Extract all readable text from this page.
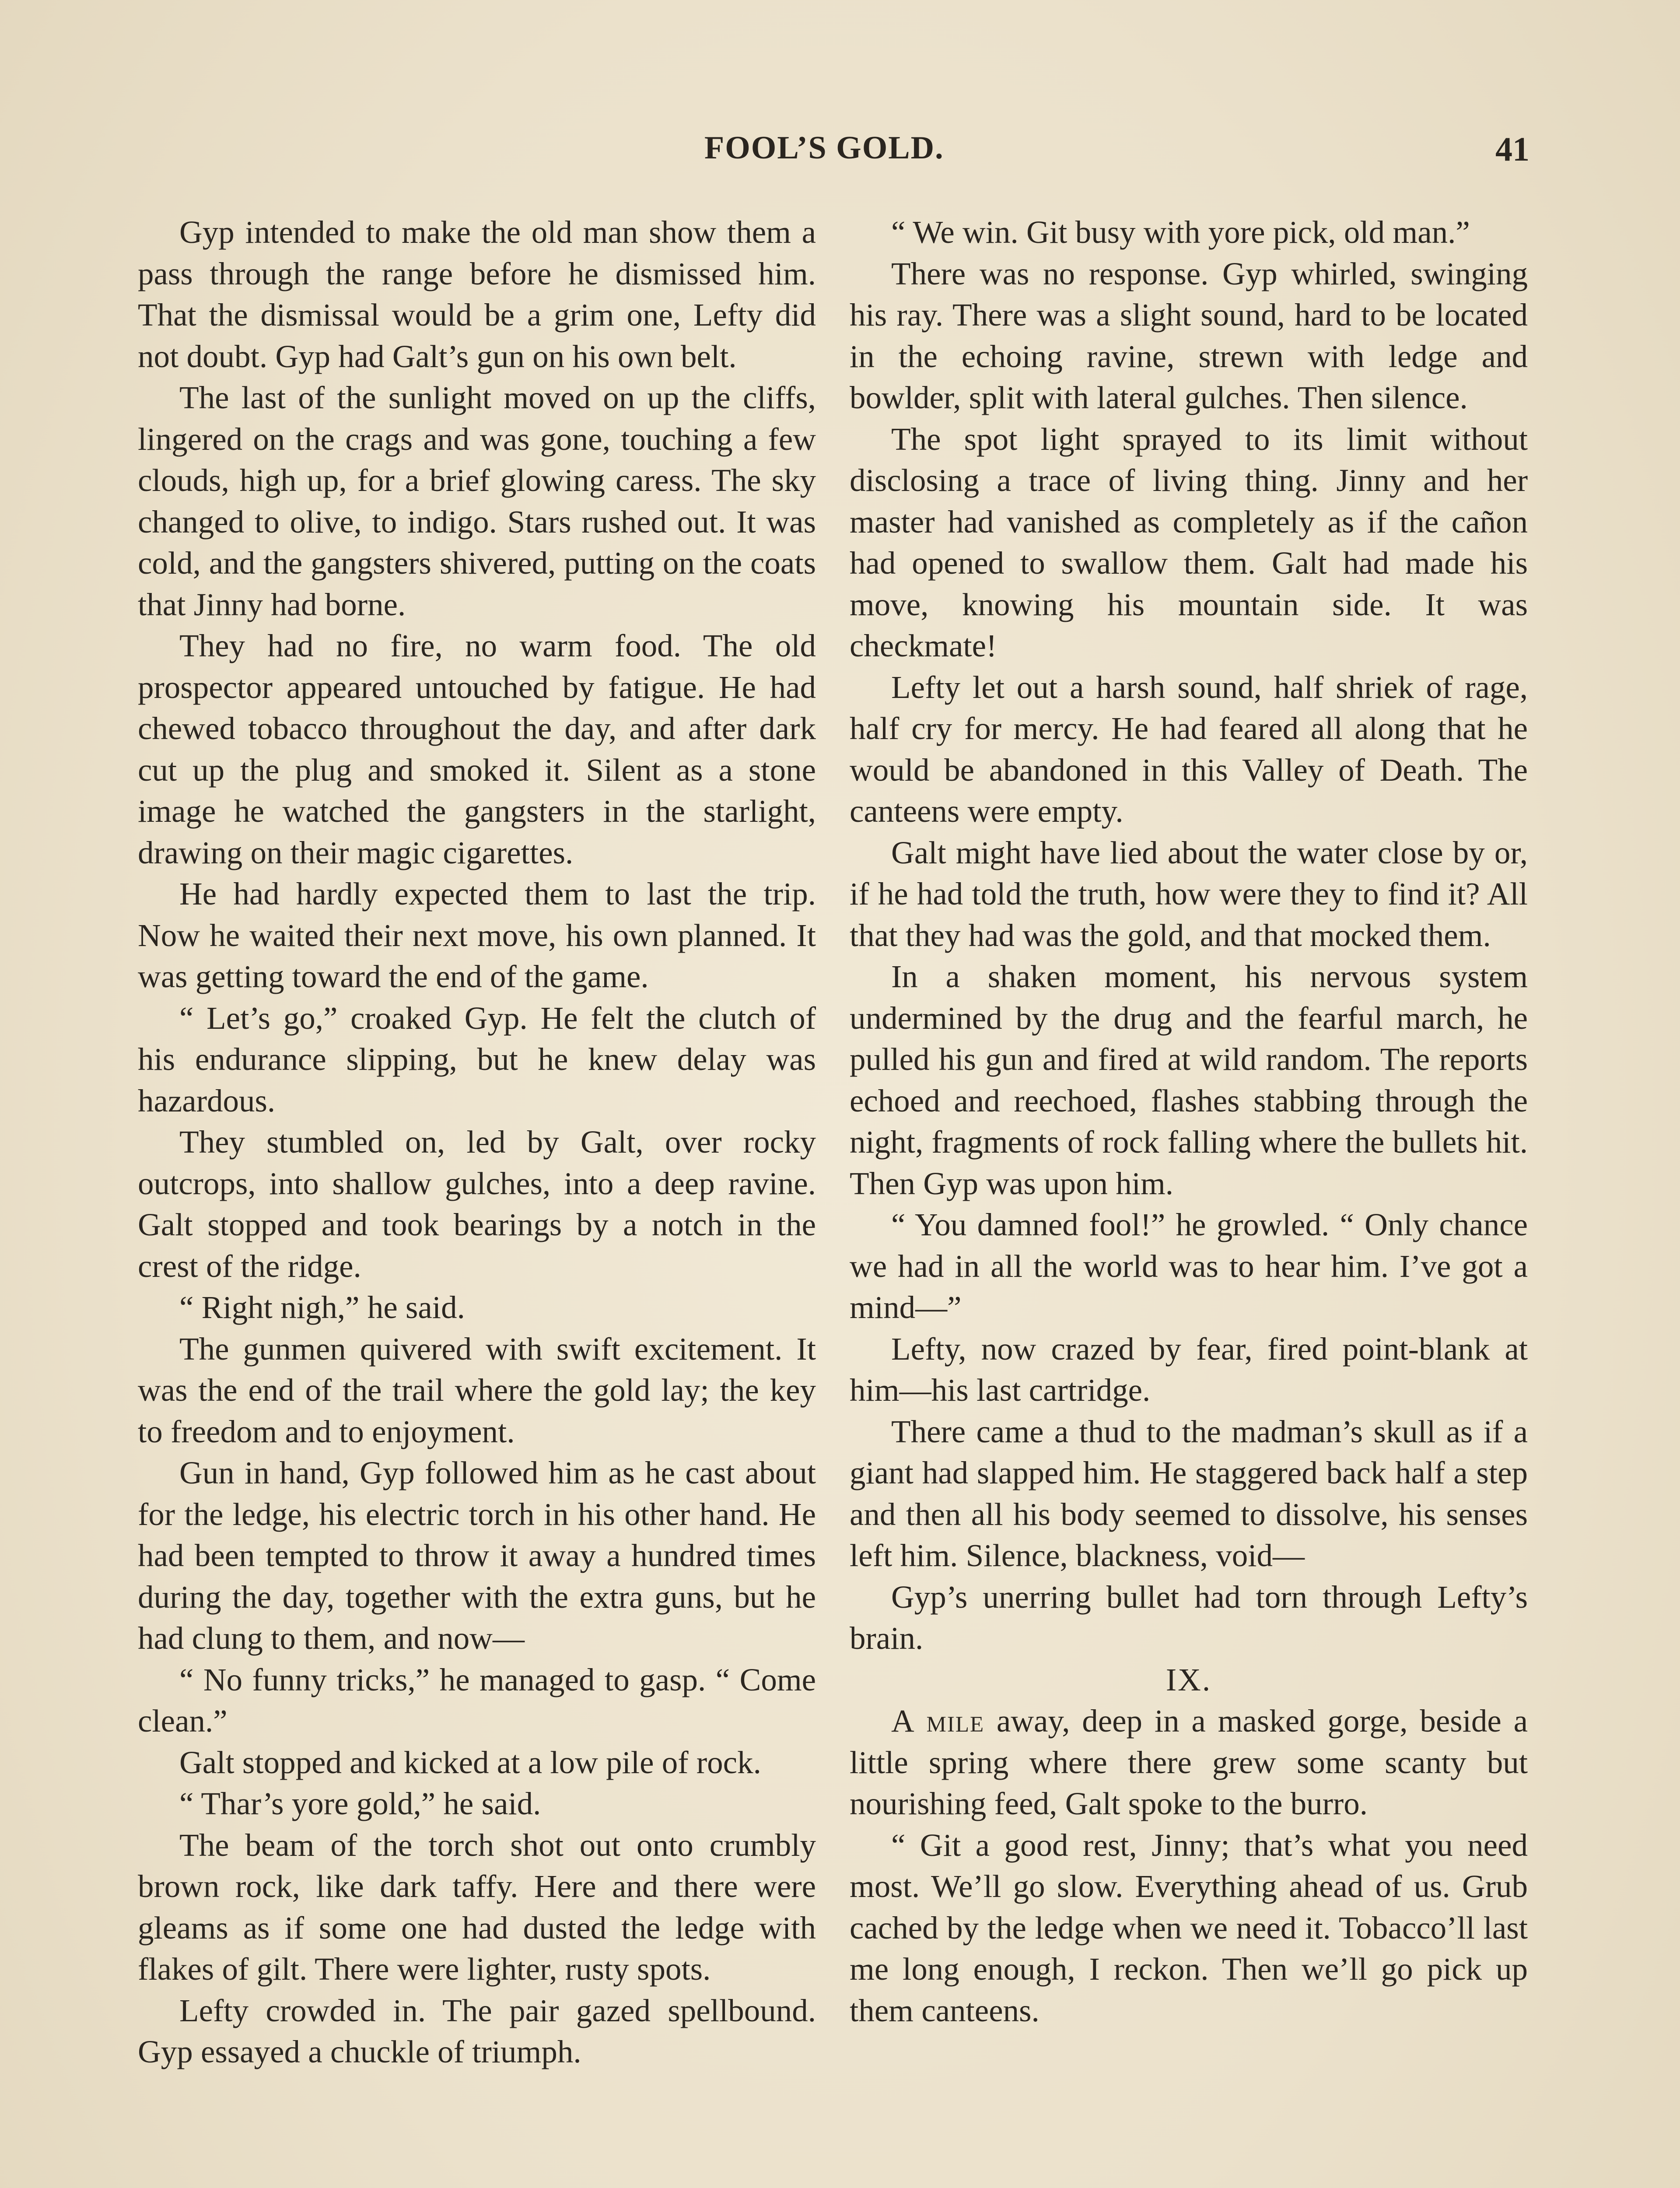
FOOL’S GOLD.	41

Gyp intended to make the old man show them a pass through the range before he dismissed him. That the dismissal would be a grim one, Lefty did not doubt. Gyp had Galt’s gun on his own belt.

The last of the sunlight moved on up the cliffs, lingered on the crags and was gone, touching a few clouds, high up, for a brief glowing caress. The sky changed to olive, to indigo. Stars rushed out. It was cold, and the gangsters shivered, putting on the coats that Jinny had borne.

They had no fire, no warm food. The old prospector appeared untouched by fatigue. He had chewed tobacco throughout the day, and after dark cut up the plug and smoked it. Silent as a stone image he watched the gangsters in the starlight, drawing on their magic cigarettes.

He had hardly expected them to last the trip. Now he waited their next move, his own planned. It was getting toward the end of the game.

“ Let’s go,” croaked Gyp. He felt the clutch of his endurance slipping, but he knew delay was hazardous.

They stumbled on, led by Galt, over rocky outcrops, into shallow gulches, into a deep ravine. Galt stopped and took bearings by a notch in the crest of the ridge.

“ Right nigh,” he said.

The gunmen quivered with swift excitement. It was the end of the trail where the gold lay; the key to freedom and to enjoyment.

Gun in hand, Gyp followed him as he cast about for the ledge, his electric torch in his other hand. He had been tempted to throw it away a hundred times during the day, together with the extra guns, but he had clung to them, and now—

“ No funny tricks,” he managed to gasp. “ Come clean.”

Galt stopped and kicked at a low pile of rock.

“ Thar’s yore gold,” he said.

The beam of the torch shot out onto crumbly brown rock, like dark taffy. Here and there were gleams as if some one had dusted the ledge with flakes of gilt. There were lighter, rusty spots.

Lefty crowded in. The pair gazed spellbound. Gyp essayed a chuckle of triumph.

“ We win. Git busy with yore pick, old man.”

There was no response. Gyp whirled, swinging his ray. There was a slight sound, hard to be located in the echoing ravine, strewn with ledge and bowlder, split with lateral gulches. Then silence.

The spot light sprayed to its limit without disclosing a trace of living thing. Jinny and her master had vanished as completely as if the cañon had opened to swallow them. Galt had made his move, knowing his mountain side. It was checkmate!

Lefty let out a harsh sound, half shriek of rage, half cry for mercy. He had feared all along that he would be abandoned in this Valley of Death. The canteens were empty.

Galt might have lied about the water close by or, if he had told the truth, how were they to find it? All that they had was the gold, and that mocked them.

In a shaken moment, his nervous system undermined by the drug and the fearful march, he pulled his gun and fired at wild random. The reports echoed and reechoed, flashes stabbing through the night, fragments of rock falling where the bullets hit. Then Gyp was upon him.

“ You damned fool!” he growled. “ Only chance we had in all the world was to hear him. I’ve got a mind—”

Lefty, now crazed by fear, fired point-blank at him—his last cartridge.

There came a thud to the madman’s skull as if a giant had slapped him. He staggered back half a step and then all his body seemed to dissolve, his senses left him. Silence, blackness, void—

Gyp’s unerring bullet had torn through Lefty’s brain.

IX.

A mile away, deep in a masked gorge, beside a little spring where there grew some scanty but nourishing feed, Galt spoke to the burro.

“ Git a good rest, Jinny; that’s what you need most. We’ll go slow. Everything ahead of us. Grub cached by the ledge when we need it. Tobacco’ll last me long enough, I reckon. Then we’ll go pick up them canteens.
